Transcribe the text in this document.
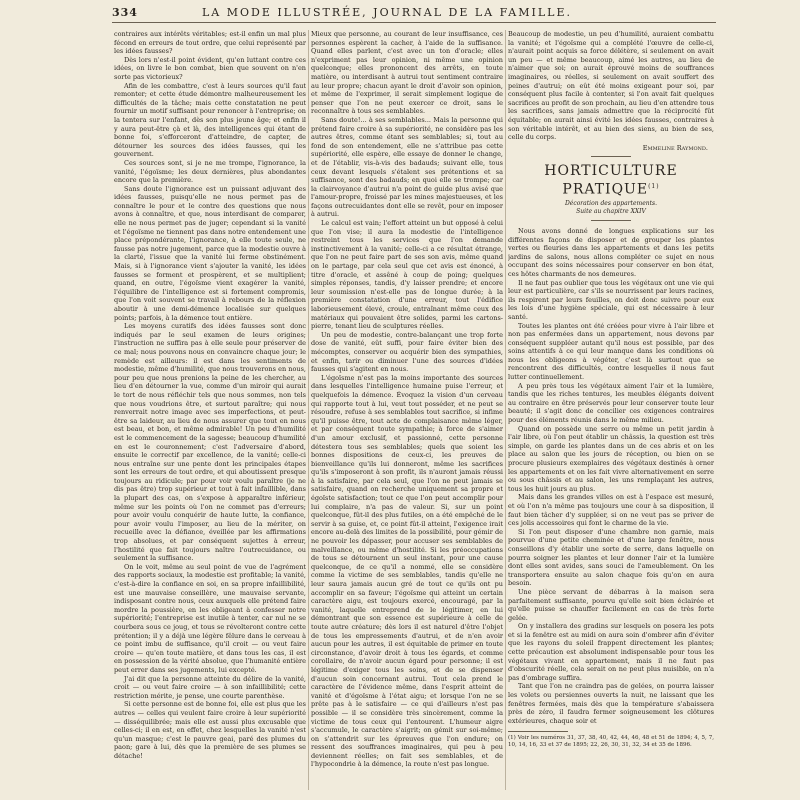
334	LA MODE ILLUSTRÉE, JOURNAL DE LA FAMILLE.

contraires aux intérêts véritables; est-il enfin un mal plus fécond en erreurs de tout ordre, que celui représenté par les idées fausses?

Dès lors n'est-il point évident, qu'en luttant contre ces idées, on livre le bon combat, bien que souvent on n'en sorte pas victorieux?

Afin de les combattre, c'est à leurs sources qu'il faut remonter; et cette étude démontre malheureusement les difficultés de la tâche; mais cette constatation ne peut fournir un motif suffisant pour renoncer à l'entreprise; on la tentera sur l'enfant, dès son plus jeune âge; et enfin il y aura peut-être çà et là, des intelligences qui étant de bonne foi, s'efforceront d'atteindre, de capter, de détourner les sources des idées fausses, qui les gouvernent.

Ces sources sont, si je ne me trompe, l'ignorance, la vanité, l'égoïsme; les deux dernières, plus abondantes encore que la première.

Sans doute l'ignorance est un puissant adjuvant des idées fausses, puisqu'elle ne nous permet pas de connaître le pour et le contre des questions que nous avons à connaître, et que, nous interdisant de comparer, elle ne nous permet pas de juger; cependant si la vanité et l'égoïsme ne tiennent pas dans notre entendement une place prépondérante, l'ignorance, à elle toute seule, ne fausse pas notre jugement, parce que la modestie ouvre à la clarté, l'issue que la vanité lui ferme obstinément. Mais, si à l'ignorance vient s'ajouter la vanité, les idées fausses se forment et prospèrent, et se multiplient; quand, en outre, l'égoïsme vient exagérer la vanité, l'équilibre de l'intelligence est si fortement compromis, que l'on voit souvent se travail à rebours de la réflexion aboutir à une demi-démence localisée sur quelques points; parfois, à la démence tout entière.

Les moyens curatifs des idées fausses sont donc indiqués par le seul examen de leurs origines; l'instruction ne suffira pas à elle seule pour préserver de ce mal; nous pouvons nous en convaincre chaque jour; le remède est ailleurs: il est dans les sentiments de modestie, même d'humilité, que nous trouverons en nous, pour peu que nous prenions la peine de les chercher, au lieu d'en détourner la vue, comme d'un miroir qui aurait le tort de nous réfléchir tels que nous sommes, non tels que nous voudrions être, et surtout paraître; qui nous renverrait notre image avec ses imperfections, et peut-être sa laideur, au lieu de nous assurer que tout en nous est beau, et bon, et même admirable! Un peu d'humilité est le commencement de la sagesse; beaucoup d'humilité en est le couronnement; c'est l'adversaire d'abord, ensuite le correctif par excellence, de la vanité; celle-ci nous entraîne sur une pente dont les principales étapes sont les erreurs de tout ordre, et qui aboutissent presque toujours au ridicule; par pour voir voulu paraître (je ne dis pas être) trop supérieur et tout à fait infaillible, dans la plupart des cas, on s'expose à apparaître inférieur, même sur les points où l'on ne commet pas d'erreurs; pour avoir voulu conquérir de haute lutte, la confiance, pour avoir voulu l'imposer, au lieu de la mériter, on recueille avec la défiance, éveillée par les affirmations trop absolues, et par conséquent sujettes à erreur, l'hostilité que fait toujours naître l'outrecuidance, ou seulement la suffisance.

On le voit, même au seul point de vue de l'agrément des rapports sociaux, la modestie est profitable; la vanité, c'est-à-dire la confiance en soi, en sa propre infaillibilité, est une mauvaise conseillère, une mauvaise servante, indisposant contre nous, ceux auxquels elle prétend faire mordre la poussière, en les obligeant à confesser notre supériorité; l'entreprise est inutile à tenter, car nul ne se courbera sous ce joug, et tous se révolteront contre cette prétention; il y a déjà une légère fêlure dans le cerveau à ce point imbu de suffisance, qu'il croit — ou veut faire croire — qu'en toute matière, et dans tous les cas, il est en possession de la vérité absolue, que l'humanité entière peut errer dans ses jugements, lui excepté.

J'ai dit que la personne atteinte du délire de la vanité, croit — ou veut faire croire — à son infaillibilité; cette restriction mérite, je pense, une courte parenthèse.

Si cette personne est de bonne foi, elle est plus que les autres — celles qui veulent faire croire à leur supériorité — disséquilibrée; mais elle est aussi plus excusable que celles-ci; il en est, en effet, chez lesquelles la vanité n'est qu'un masque; c'est le pauvre geai, paré des plumes du paon; gare à lui, dès que la première de ses plumes se détache!

Mieux que personne, au courant de leur insuffisance, ces personnes espèrent la cacher, à l'aide de la suffisance. Quand elles parlent, c'est avec un ton d'oracle; elles n'expriment pas leur opinion, ni même une opinion quelconque; elles prononcent des arrêts, en toute matière, ou interdisant à autrui tout sentiment contraire au leur propre; chacun ayant le droit d'avoir son opinion, et même de l'exprimer, il serait simplement logique de penser que l'on ne peut exercer ce droit, sans le reconnaître à tous ses semblables.

Sans doute!... à ses semblables... Mais la personne qui prétend faire croire à sa supériorité, ne considère pas les autres êtres, comme étant ses semblables; si, tout au fond de son entendement, elle ne s'attribue pas cette supériorité, elle espère, elle essaye de donner le change, et de l'établir, vis-à-vis des badauds; suivant elle, tous ceux devant lesquels s'étalent ses prétentions et sa suffisance, sont des badauds; en quoi elle se trompe; car la clairvoyance d'autrui n'a point de guide plus avisé que l'amour-propre, froissé par les mines majestueuses, et les façons outrecuidantes dont elle se revêt, pour en imposer à autrui.

Le calcul est vain; l'effort atteint un but opposé à celui que l'on vise; il aura la modestie de l'intelligence restreint tous les services que l'on demande instinctivement à la vanité; celle-ci a ce résultat étrange, que l'on ne peut faire part de ses son avis, même quand on le partage, par cela seul que cet avis est énoncé, à titre d'oracle, et assêné à coup de poing; quelques simples réponses, tandis, d'y laisser prendre; et encore leur soumission n'est-elle pas de longue durée; à la première constatation d'une erreur, tout l'édifice laborieusement élevé, croule, entraînant même ceux des matériaux qui pouvaient être solides, parmi les cartons-pierre, tenant lieu de sculptures réelles.

Un peu de modestie, contre-balançant une trop forte dose de vanité, eût suffi, pour faire éviter bien des mécomptes, conserver ou acquérir bien des sympathies, et enfin, tarir ou diminuer l'une des sources d'idées fausses qui s'agitent en nous.

L'égoïsme n'est pas la moins importante des sources dans lesquelles l'intelligence humaine puise l'erreur, et quelquefois la démence. Évoquez la vision d'un cerveau qui rapporte tout à lui, veut tout posséder, et ne peut se résoudre, refuse à ses semblables tout sacrifice, si infime qu'il puisse être, tout acte de complaisance même léger, et par conséquent toute sympathie; à force de s'aimer d'un amour exclusif, et passionné, cette personne détestera tous ses semblables; quels que soient les bonnes dispositions de ceux-ci, les preuves de bienveillance qu'ils lui donneront, même les sacrifices qu'ils s'imposeront à son profit, ils n'auront jamais réussi à la satisfaire, par cela seul, que l'on ne peut jamais se satisfaire, quand on recherche uniquement sa propre et égoïste satisfaction; tout ce que l'on peut accomplir pour lui complaire, n'a pas de valeur. Si, sur un point quelconque, fût-il des plus futiles, on a été empêché de le servir à sa guise, et, ce point fût-il atteint, l'exigence irait encore au-delà des limites de la possibilité, pour gémir de ne pouvoir les dépasser, pour accuser ses semblables de malveillance, ou même d'hostilité. Si les préoccupations de tous se détournent un seul instant, pour une cause quelconque, de ce qu'il a nommé, elle se considère comme la victime de ses semblables, tandis qu'elle ne leur saura jamais aucun gré de tout ce qu'ils ont pu accomplir en sa faveur; l'égoïsme qui atteint un certain caractère aigu, est toujours exercé, encouragé, par la vanité, laquelle entreprend de le légitimer, en lui démontrant que son essence est supérieure à celle de toute autre créature; dès lors il est naturel d'être l'objet de tous les empressements d'autrui, et de n'en avoir aucun pour les autres, il est équitable de primer en toute circonstance, d'avoir droit à tous les égards, et comme corollaire, de n'avoir aucun égard pour personne; il est légitime d'exiger tous les soins, et de se dispenser d'aucun soin concernant autrui. Tout cela prend le caractère de l'évidence même, dans l'esprit atteint de vanité et d'égoïsme à l'état aigu; et lorsque l'on ne se prête pas à le satisfaire — ce qui d'ailleurs n'est pas possible — il se considère très sincèrement, comme la victime de tous ceux qui l'entourent. L'humeur aigre s'accumule, le caractère s'aigrit; on gémit sur soi-même; on s'attendrit sur les épreuves que l'on endure; on ressent des souffrances imaginaires, qui peu à peu deviennent réelles; on fait ses semblables, et de l'hypocondrie à la démence, la route n'est pas longue.

Beaucoup de modestie, un peu d'humilité, auraient combattu la vanité; et l'égoïsme qui a complété l'œuvre de celle-ci, n'aurait point acquis sa force délétère, si seulement on avait un peu — et même beaucoup, aimé les autres, au lieu de n'aimer que soi; on aurait éprouvé moins de souffrances imaginaires, ou réelles, si seulement on avait souffert des peines d'autrui; on eût été moins exigeant pour soi, par conséquent plus facile à contenter, si l'on avait fait quelques sacrifices au profit de son prochain, au lieu d'en attendre tous les sacrifices, sans jamais admettre que la réciprocité fût équitable; on aurait ainsi évité les idées fausses, contraires à son véritable intérêt, et au bien des siens, au bien de ses, celle du corps.

Emmeline Raymond.
HORTICULTURE PRATIQUE$^{(1)}$
Décoration des appartements.
Suite au chapitre XXIV

Nous avons donné de longues explications sur les différentes façons de disposer et de grouper les plantes vertes ou fleuries dans les appartements et dans les petits jardins de salons, nous allons compléter ce sujet en nous occupant des soins nécessaires pour conserver en bon état, ces hôtes charmants de nos demeures.

Il ne faut pas oublier que tous les végétaux ont une vie qui leur est particulière, car s'ils se nourrissent par leurs racines, ils respirent par leurs feuilles, on doit donc suivre pour eux les lois d'une hygiène spéciale, qui est nécessaire à leur santé.

Toutes les plantes ont été créées pour vivre à l'air libre et non pas enfermées dans un appartement, nous devons par conséquent suppléer autant qu'il nous est possible, par des soins attentifs à ce qui leur manque dans les conditions où nous les obligeons à végéter, c'est là surtout que se rencontrent des difficultés, contre lesquelles il nous faut lutter continuellement.

A peu près tous les végétaux aiment l'air et la lumière, tandis que les riches tentures, les meubles élégants doivent au contraire en être préservés pour leur conserver toute leur beauté; il s'agit donc de concilier ces exigences contraires pour des éléments réunis dans le même milieu.

Quand on possède une serre ou même un petit jardin à l'air libre, où l'on peut établir un châssis, la question est très simple, on garde les plantes dans un de ces abris et on les place au salon que les jours de réception, ou bien on se procure plusieurs exemplaires des végétaux destinés à orner les appartements et on les fait vivre alternativement en serre ou sous châssis et au salon, les uns remplaçant les autres, tous les huit jours au plus.

Mais dans les grandes villes on est à l'espace est mesuré, et où l'on n'a même pas toujours une cour à sa disposition, il faut bien tâcher d'y suppléer, si on ne veut pas se priver de ces jolis accessoires qui font le charme de la vie.

Si l'on peut disposer d'une chambre non garnie, mais pourvue d'une petite cheminée et d'une large fenêtre, nous conseillons d'y établir une sorte de serre, dans laquelle on pourra soigner les plantes et leur donner l'air et la lumière dont elles sont avides, sans souci de l'ameublement. On les transportera ensuite au salon chaque fois qu'on en aura besoin.

Une pièce servant de débarras à la maison sera parfaitement suffisante, pourvu qu'elle soit bien éclairée et qu'elle puisse se chauffer facilement en cas de très forte gelée.

On y installera des gradins sur lesquels on posera les pots et si la fenêtre est au midi on aura soin d'ombrer afin d'éviter que les rayons du soleil frappent directement les plantes; cette précaution est absolument indispensable pour tous les végétaux vivant en appartement, mais il ne faut pas d'obscurité réelle, cela serait on ne peut plus nuisible, on n'a pas d'ombrage suffira.

Tant que l'on ne craindra pas de gelées, on pourra laisser les volets ou persiennes ouverts la nuit, ne laissant que les fenêtres fermées, mais dès que la température s'abaissera près de zéro, il faudra fermer soigneusement les clôtures extérieures, chaque soir et

(1) Voir les numéros 31, 37, 38, 40, 42, 44, 46, 48 et 51 de 1894; 4, 5, 7, 10, 14, 16, 33 et 37 de 1895; 22, 26, 30, 31, 32, 34 et 35 de 1896.
